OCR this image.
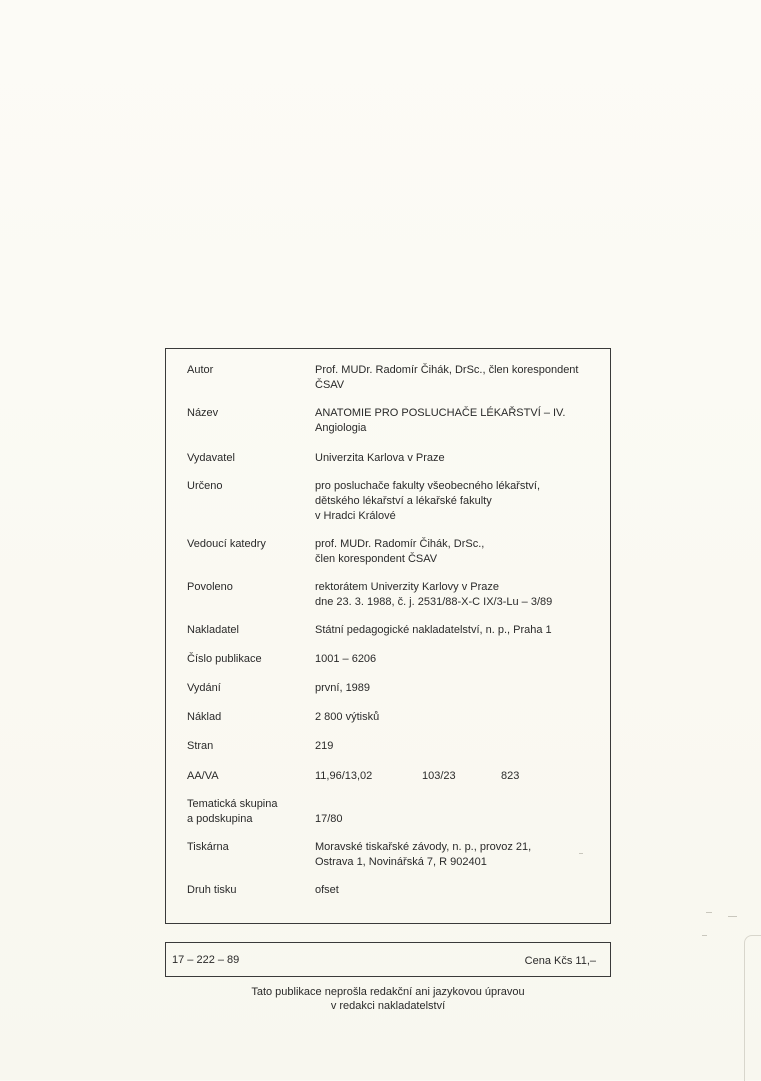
Autor	Prof. MUDr. Radomír Čihák, DrSc., člen korespondent
ČSAV
Název	ANATOMIE PRO POSLUCHAČE LÉKAŘSTVÍ – IV.
Angiologia
Vydavatel	Univerzita Karlova v Praze
Určeno	pro posluchače fakulty všeobecného lékařství,
dětského lékařství a lékařské fakulty
v Hradci Králové
Vedoucí katedry	prof. MUDr. Radomír Čihák, DrSc.,
člen korespondent ČSAV
Povoleno	rektorátem Univerzity Karlovy v Praze
dne 23. 3. 1988, č. j. 2531/88-X-C IX/3-Lu – 3/89
Nakladatel	Státní pedagogické nakladatelství, n. p., Praha 1
Číslo publikace	1001 – 6206
Vydání	první, 1989
Náklad	2 800 výtisků
Stran	219
AA/VA	11,96/13,02	103/23	823
Tematická skupina
a podskupina	17/80
Tiskárna	Moravské tiskařské závody, n. p., provoz 21,
Ostrava 1, Novinářská 7, R 902401
Druh tisku	ofset
17 – 222 – 89	Cena Kčs 11,–
Tato publikace neprošla redakční ani jazykovou úpravou
v redakci nakladatelství
